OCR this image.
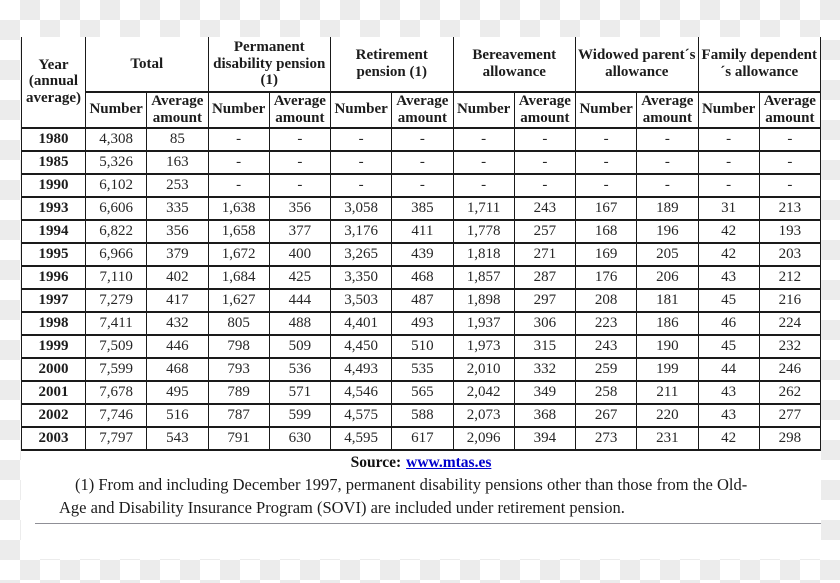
Year (annual average)	Total		Permanent disability pension (1)		Retirement pension (1)		Bereavement allowance		Widowed parent´s allowance		Family dependent´s allowance	
	Number	Average amount	Number	Average amount	Number	Average amount	Number	Average amount	Number	Average amount	Number	Average amount
1980	4,308	85	-	-	-	-	-	-	-	-	-	-
1985	5,326	163	-	-	-	-	-	-	-	-	-	-
1990	6,102	253	-	-	-	-	-	-	-	-	-	-
1993	6,606	335	1,638	356	3,058	385	1,711	243	167	189	31	213
1994	6,822	356	1,658	377	3,176	411	1,778	257	168	196	42	193
1995	6,966	379	1,672	400	3,265	439	1,818	271	169	205	42	203
1996	7,110	402	1,684	425	3,350	468	1,857	287	176	206	43	212
1997	7,279	417	1,627	444	3,503	487	1,898	297	208	181	45	216
1998	7,411	432	805	488	4,401	493	1,937	306	223	186	46	224
1999	7,509	446	798	509	4,450	510	1,973	315	243	190	45	232
2000	7,599	468	793	536	4,493	535	2,010	332	259	199	44	246
2001	7,678	495	789	571	4,546	565	2,042	349	258	211	43	262
2002	7,746	516	787	599	4,575	588	2,073	368	267	220	43	277
2003	7,797	543	791	630	4,595	617	2,096	394	273	231	42	298
Source: www.mtas.es
(1) From and including December 1997, permanent disability pensions other than those from the Old-
Age and Disability Insurance Program (SOVI) are included under retirement pension.
